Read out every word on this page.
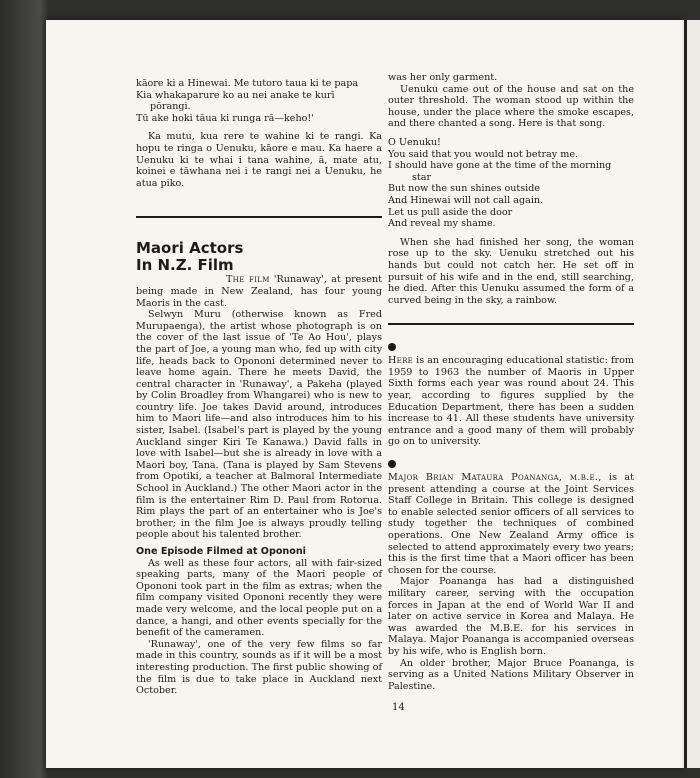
kāore ki a Hinewai. Me tutoro taua ki te papa

Kia whakaparure ko au nei anake te kurī

pōrangi.

Tū ake hoki tāua ki runga rā—keho!'

Ka mutu, kua rere te wahine ki te rangi. Ka hopu te ringa o Uenuku, kāore e mau. Ka haere a Uenuku ki te whai i tana wahine, ā, mate atu, koinei e tāwhana nei i te rangi nei a Uenuku, he atua piko.

Maori Actors
In N.Z. Film

The film 'Runaway', at present being made in New Zealand, has four young Maoris in the cast.

Selwyn Muru (otherwise known as Fred Murupaenga), the artist whose photograph is on the cover of the last issue of 'Te Ao Hou', plays the part of Joe, a young man who, fed up with city life, heads back to Opononi determined never to leave home again. There he meets David, the central character in 'Runaway', a Pakeha (played by Colin Broadley from Whangarei) who is new to country life. Joe takes David around, introduces him to Maori life—and also introduces him to his sister, Isabel. (Isabel's part is played by the young Auckland singer Kiri Te Kanawa.) David falls in love with Isabel—but she is already in love with a Maori boy, Tana. (Tana is played by Sam Stevens from Opotiki, a teacher at Balmoral Intermediate School in Auckland.) The other Maori actor in the film is the entertainer Rim D. Paul from Rotorua. Rim plays the part of an entertainer who is Joe's brother; in the film Joe is always proudly telling people about his talented brother.

One Episode Filmed at Opononi

As well as these four actors, all with fair-sized speaking parts, many of the Maori people of Opononi took part in the film as extras; when the film company visited Opononi recently they were made very welcome, and the local people put on a dance, a hangi, and other events specially for the benefit of the cameramen.

'Runaway', one of the very few films so far made in this country, sounds as if it will be a most interesting production. The first public showing of the film is due to take place in Auckland next October.

was her only garment.

Uenuku came out of the house and sat on the outer threshold. The woman stood up within the house, under the place where the smoke escapes, and there chanted a song. Here is that song.

O Uenuku!

You said that you would not betray me.

I should have gone at the time of the morning

star

But now the sun shines outside

And Hinewai will not call again.

Let us pull aside the door

And reveal my shame.

When she had finished her song, the woman rose up to the sky. Uenuku stretched out his hands but could not catch her. He set off in pursuit of his wife and in the end, still searching, he died. After this Uenuku assumed the form of a curved being in the sky, a rainbow.

Here is an encouraging educational statistic: from 1959 to 1963 the number of Maoris in Upper Sixth forms each year was round about 24. This year, according to figures supplied by the Education Department, there has been a sudden increase to 41. All these students have university entrance and a good many of them will probably go on to university.

Major Brian Mataura Poananga, m.b.e., is at present attending a course at the Joint Services Staff College in Britain. This college is designed to enable selected senior officers of all services to study together the techniques of combined operations. One New Zealand Army office is selected to attend approximately every two years; this is the first time that a Maori officer has been chosen for the course.

Major Poananga has had a distinguished military career, serving with the occupation forces in Japan at the end of World War II and later on active service in Korea and Malaya. He was awarded the M.B.E. for his services in Malaya. Major Poananga is accompanied overseas by his wife, who is English born.

An older brother, Major Bruce Poananga, is serving as a United Nations Military Observer in Palestine.

14
